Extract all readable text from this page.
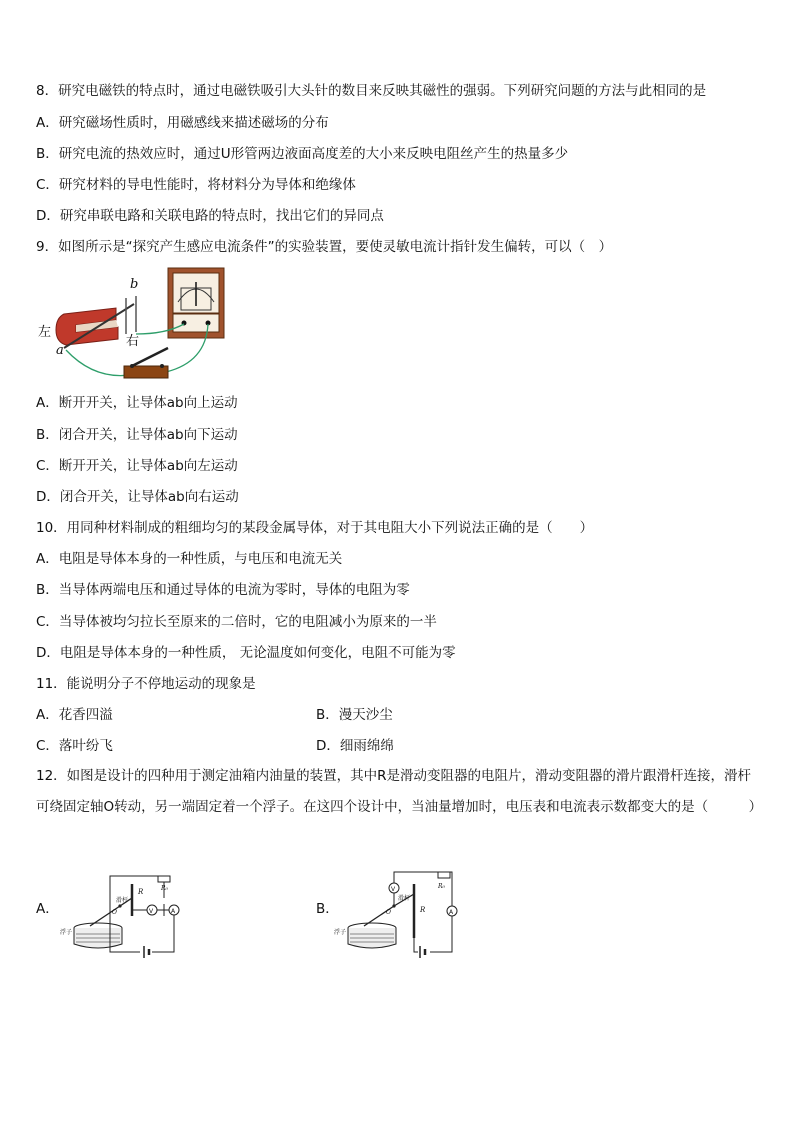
8．研究电磁铁的特点时，通过电磁铁吸引大头针的数目来反映其磁性的强弱。下列研究问题的方法与此相同的是
A．研究磁场性质时，用磁感线来描述磁场的分布
B．研究电流的热效应时，通过U形管两边液面高度差的大小来反映电阻丝产生的热量多少
C．研究材料的导电性能时，将材料分为导体和绝缘体
D．研究串联电路和关联电路的特点时，找出它们的异同点
9．如图所示是“探究产生感应电流条件”的实验装置，要使灵敏电流计指针发生偏转，可以（　）
左
右
a
b
A．断开开关，让导体ab向上运动
B．闭合开关，让导体ab向下运动
C．断开开关，让导体ab向左运动
D．闭合开关，让导体ab向右运动
10．用同种材料制成的粗细均匀的某段金属导体，对于其电阻大小下列说法正确的是（　　）
A．电阻是导体本身的一种性质，与电压和电流无关
B．当导体两端电压和通过导体的电流为零时，导体的电阻为零
C．当导体被均匀拉长至原来的二倍时，它的电阻减小为原来的一半
D．电阻是导体本身的一种性质， 无论温度如何变化，电阻不可能为零
11．能说明分子不停地运动的现象是
A．花香四溢	B．漫天沙尘
C．落叶纷飞	D．细雨绵绵
12．如图是设计的四种用于测定油箱内油量的装置，其中R是滑动变阻器的电阻片，滑动变阻器的滑片跟滑杆连接，滑杆可绕固定轴O转动，另一端固定着一个浮子。在这四个设计中，当油量增加时，电压表和电流表示数都变大的是（　　　）
A．
R	R₀
滑杆
O
浮子
V	A	B．	R
R₀
滑杆
O
浮子
V
A
